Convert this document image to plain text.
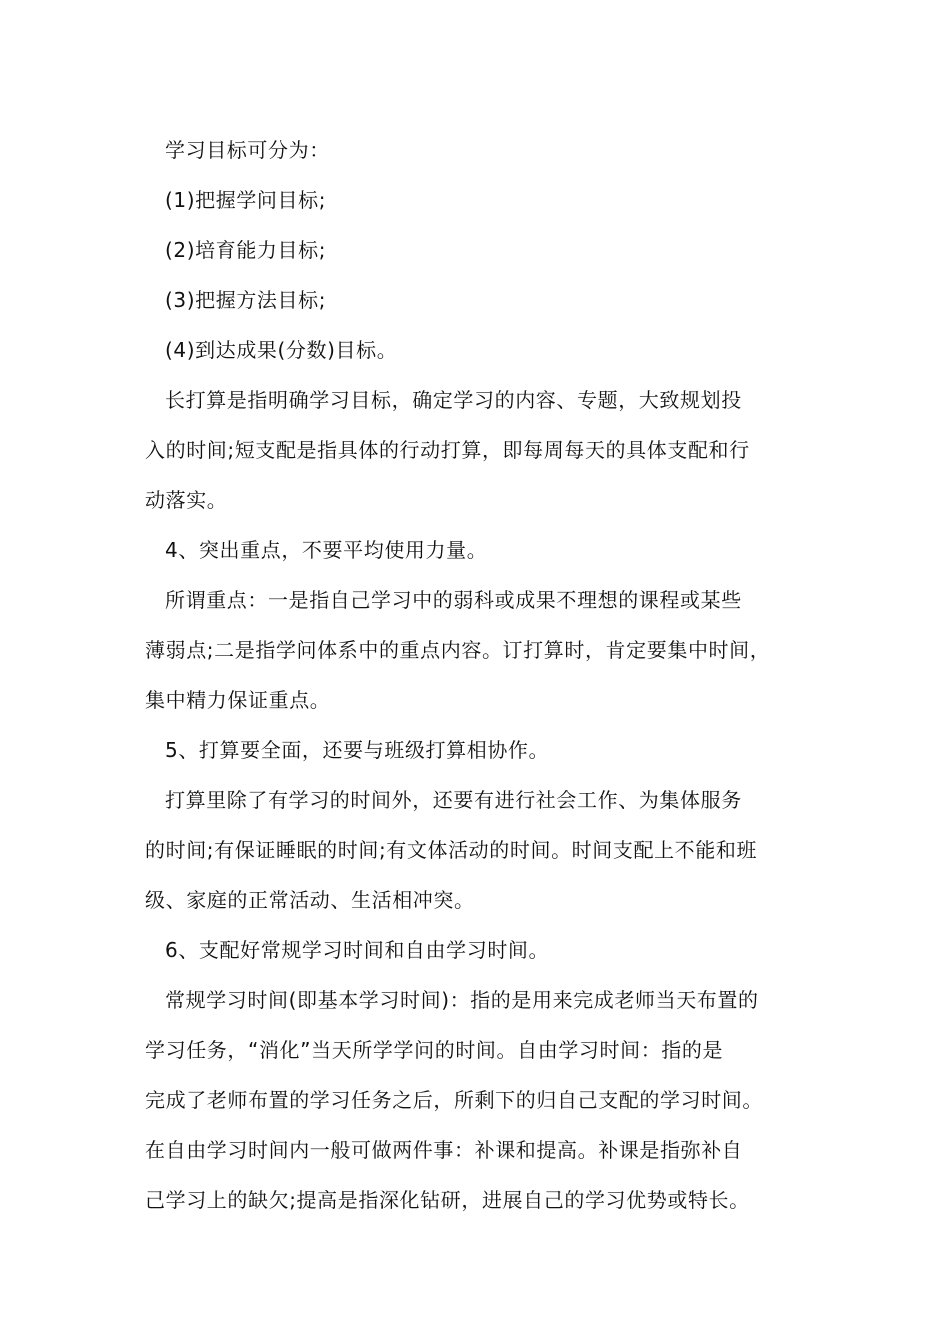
学习目标可分为：
(1)把握学问目标;
(2)培育能力目标;
(3)把握方法目标;
(4)到达成果(分数)目标。
长打算是指明确学习目标，确定学习的内容、专题，大致规划投
入的时间;短支配是指具体的行动打算，即每周每天的具体支配和行
动落实。
4、突出重点，不要平均使用力量。
所谓重点：一是指自己学习中的弱科或成果不理想的课程或某些
薄弱点;二是指学问体系中的重点内容。订打算时，肯定要集中时间，
集中精力保证重点。
5、打算要全面，还要与班级打算相协作。
打算里除了有学习的时间外，还要有进行社会工作、为集体服务
的时间;有保证睡眠的时间;有文体活动的时间。时间支配上不能和班
级、家庭的正常活动、生活相冲突。
6、支配好常规学习时间和自由学习时间。
常规学习时间(即基本学习时间)：指的是用来完成老师当天布置的
学习任务，“消化”当天所学学问的时间。自由学习时间：指的是
完成了老师布置的学习任务之后，所剩下的归自己支配的学习时间。
在自由学习时间内一般可做两件事：补课和提高。补课是指弥补自
己学习上的缺欠;提高是指深化钻研，进展自己的学习优势或特长。
